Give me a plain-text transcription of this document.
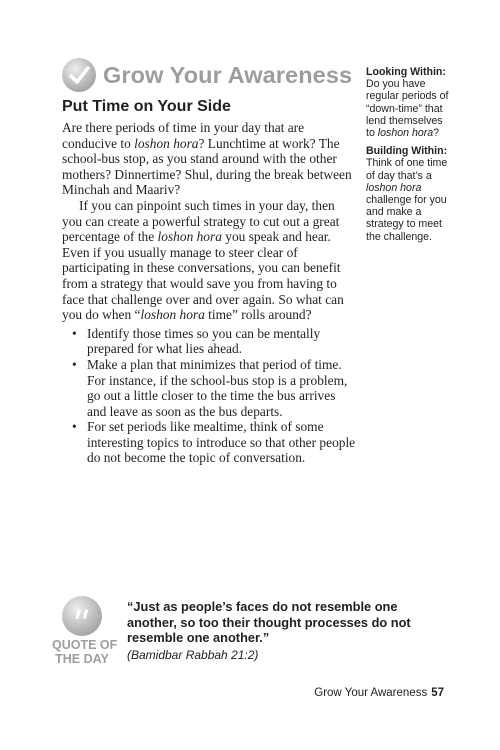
Grow Your Awareness
Put Time on Your Side

Are there periods of time in your day that are conducive to loshon hora? Lunchtime at work? The school-bus stop, as you stand around with the other mothers? Dinnertime? Shul, during the break between Minchah and Maariv?

If you can pinpoint such times in your day, then you can create a powerful strategy to cut out a great percentage of the loshon hora you speak and hear. Even if you usually manage to steer clear of participating in these conversations, you can benefit from a strategy that would save you from having to face that challenge over and over again. So what can you do when “loshon hora time” rolls around?

• Identify those times so you can be mentally prepared for what lies ahead.
• Make a plan that minimizes that period of time. For instance, if the school-bus stop is a problem, go out a little closer to the time the bus arrives and leave as soon as the bus departs.
• For set periods like mealtime, think of some interesting topics to introduce so that other people do not become the topic of conversation.
Looking Within: Do you have regular periods of “down-time” that lend themselves to loshon hora?
Building Within: Think of one time of day that’s a loshon hora challenge for you and make a strategy to meet the challenge.
QUOTE OF
THE DAY
“Just as people’s faces do not resemble one another, so too their thought processes do not resemble one another.”
(Bamidbar Rabbah 21:2)
Grow Your Awareness 57
